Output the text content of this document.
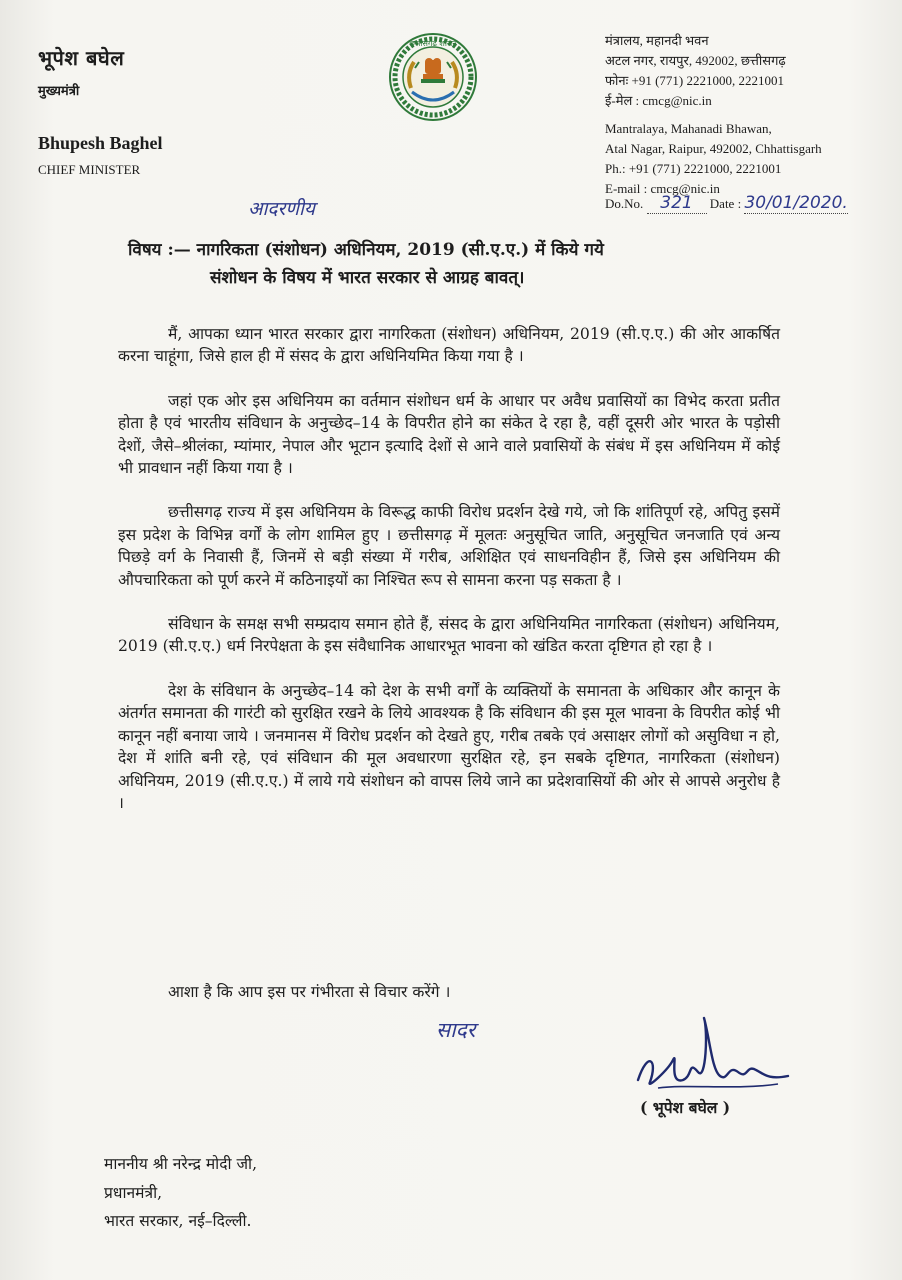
भूपेश बघेल
मुख्यमंत्री
Bhupesh Baghel
CHIEF MINISTER
छत्तीसगढ़ शासन	मंत्रालय, महानदी भवन
अटल नगर, रायपुर, 492002, छत्तीसगढ़
फोनः +91 (771) 2221000, 2221001
ई-मेल : cmcg@nic.in
Mantralaya, Mahanadi Bhawan,
Atal Nagar, Raipur, 492002, Chhattisgarh
Ph.: +91 (771) 2221000, 2221001
E-mail : cmcg@nic.in
Do.No. 321 Date : 30/01/2020.
आदरणीय
विषय :— नागरिकता (संशोधन) अधिनियम, 2019 (सी.ए.ए.) में किये गये
संशोधन के विषय में भारत सरकार से आग्रह बावत्।

मैं, आपका ध्यान भारत सरकार द्वारा नागरिकता (संशोधन) अधिनियम, 2019 (सी.ए.ए.) की ओर आकर्षित करना चाहूंगा, जिसे हाल ही में संसद के द्वारा अधिनियमित किया गया है ।

जहां एक ओर इस अधिनियम का वर्तमान संशोधन धर्म के आधार पर अवैध प्रवासियों का विभेद करता प्रतीत होता है एवं भारतीय संविधान के अनुच्छेद–14 के विपरीत होने का संकेत दे रहा है, वहीं दूसरी ओर भारत के पड़ोसी देशों, जैसे–श्रीलंका, म्यांमार, नेपाल और भूटान इत्यादि देशों से आने वाले प्रवासियों के संबंध में इस अधिनियम में कोई भी प्रावधान नहीं किया गया है ।

छत्तीसगढ़ राज्य में इस अधिनियम के विरूद्ध काफी विरोध प्रदर्शन देखे गये, जो कि शांतिपूर्ण रहे, अपितु इसमें इस प्रदेश के विभिन्न वर्गों के लोग शामिल हुए । छत्तीसगढ़ में मूलतः अनुसूचित जाति, अनुसूचित जनजाति एवं अन्य पिछड़े वर्ग के निवासी हैं, जिनमें से बड़ी संख्या में गरीब, अशिक्षित एवं साधनविहीन हैं, जिसे इस अधिनियम की औपचारिकता को पूर्ण करने में कठिनाइयों का निश्चित रूप से सामना करना पड़ सकता है ।

संविधान के समक्ष सभी सम्प्रदाय समान होते हैं, संसद के द्वारा अधिनियमित नागरिकता (संशोधन) अधिनियम, 2019 (सी.ए.ए.) धर्म निरपेक्षता के इस संवैधानिक आधारभूत भावना को खंडित करता दृष्टिगत हो रहा है ।

देश के संविधान के अनुच्छेद–14 को देश के सभी वर्गों के व्यक्तियों के समानता के अधिकार और कानून के अंतर्गत समानता की गारंटी को सुरक्षित रखने के लिये आवश्यक है कि संविधान की इस मूल भावना के विपरीत कोई भी कानून नहीं बनाया जाये । जनमानस में विरोध प्रदर्शन को देखते हुए, गरीब तबके एवं असाक्षर लोगों को असुविधा न हो, देश में शांति बनी रहे, एवं संविधान की मूल अवधारणा सुरक्षित रहे, इन सबके दृष्टिगत, नागरिकता (संशोधन) अधिनियम, 2019 (सी.ए.ए.) में लाये गये संशोधन को वापस लिये जाने का प्रदेशवासियों की ओर से आपसे अनुरोध है ।

आशा है कि आप इस पर गंभीरता से विचार करेंगे ।
सादर
( भूपेश बघेल )
माननीय श्री नरेन्द्र मोदी जी,
प्रधानमंत्री,
भारत सरकार, नई–दिल्ली.
